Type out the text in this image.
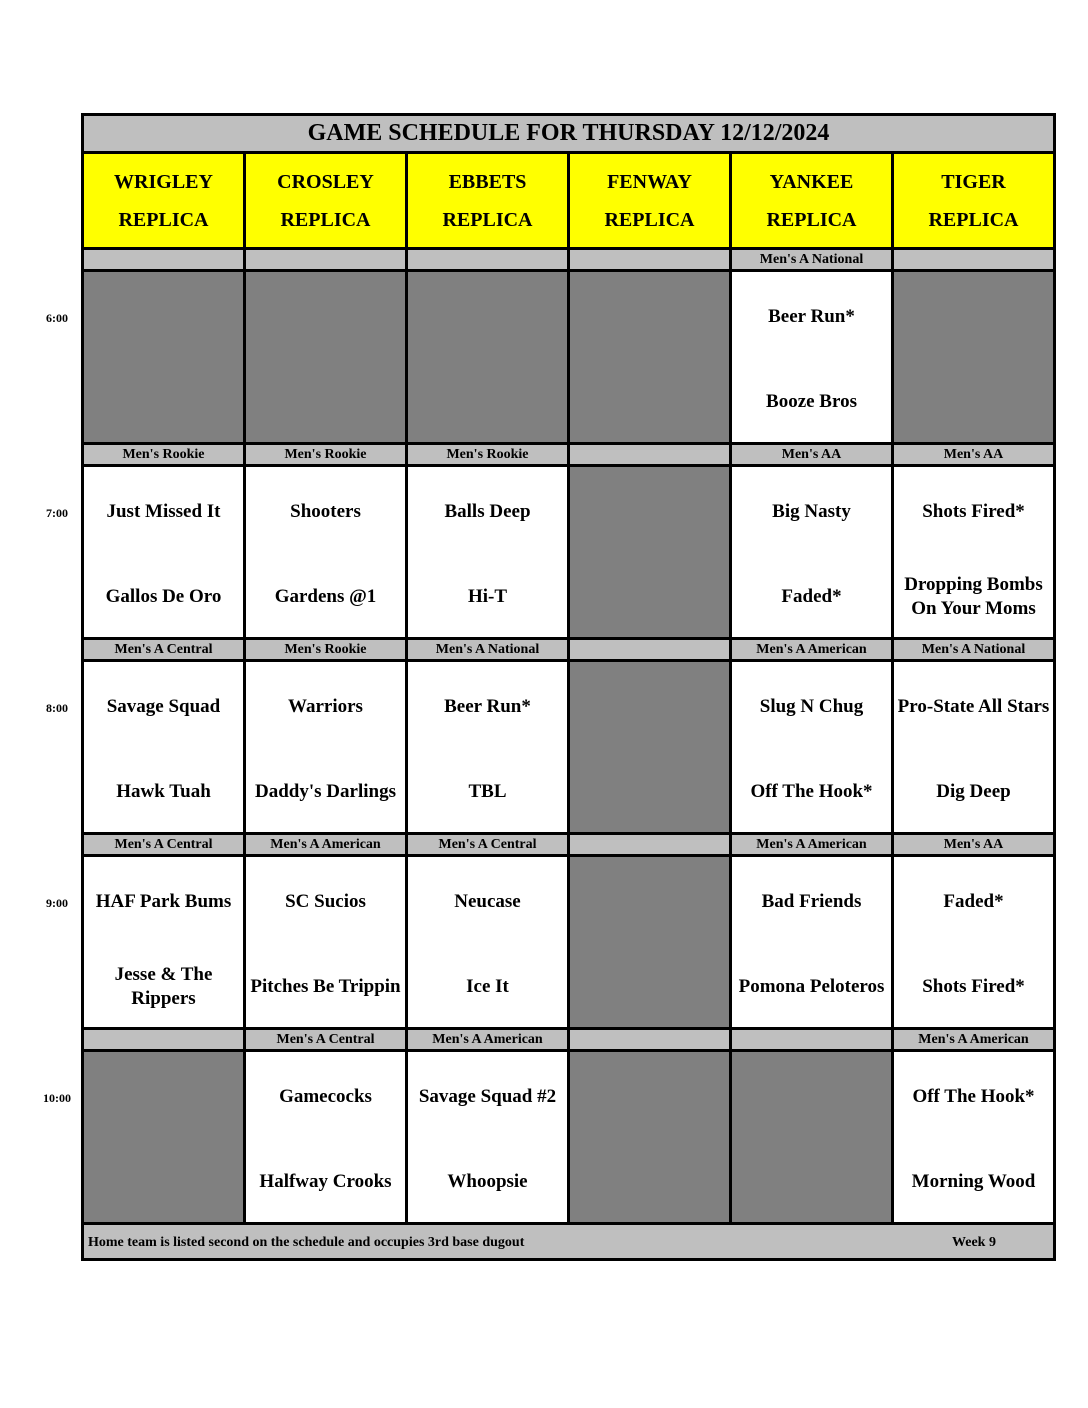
6:00
7:00
8:00
9:00
10:00
GAME SCHEDULE FOR THURSDAY 12/12/2024
WRIGLEY
REPLICA
CROSLEY
REPLICA
EBBETS
REPLICA
FENWAY
REPLICA
YANKEE
REPLICA
TIGER
REPLICA
Men's A National
Beer Run*
Booze Bros
Men's Rookie
Just Missed It
Gallos De Oro
Men's Rookie
Shooters
Gardens @1
Men's Rookie
Balls Deep
Hi-T
Men's AA
Big Nasty
Faded*
Men's AA
Shots Fired*
Dropping Bombs On Your Moms
Men's A Central
Savage Squad
Hawk Tuah
Men's Rookie
Warriors
Daddy's Darlings
Men's A National
Beer Run*
TBL
Men's A American
Slug N Chug
Off The Hook*
Men's A National
Pro-State All Stars
Dig Deep
Men's A Central
HAF Park Bums
Jesse & The Rippers
Men's A American
SC Sucios
Pitches Be Trippin
Men's A Central
Neucase
Ice It
Men's A American
Bad Friends
Pomona Peloteros
Men's AA
Faded*
Shots Fired*
Men's A Central
Gamecocks
Halfway Crooks
Men's A American
Savage Squad #2
Whoopsie
Men's A American
Off The Hook*
Morning Wood
Home team is listed second on the schedule and occupies 3rd base dugout	Week 9
